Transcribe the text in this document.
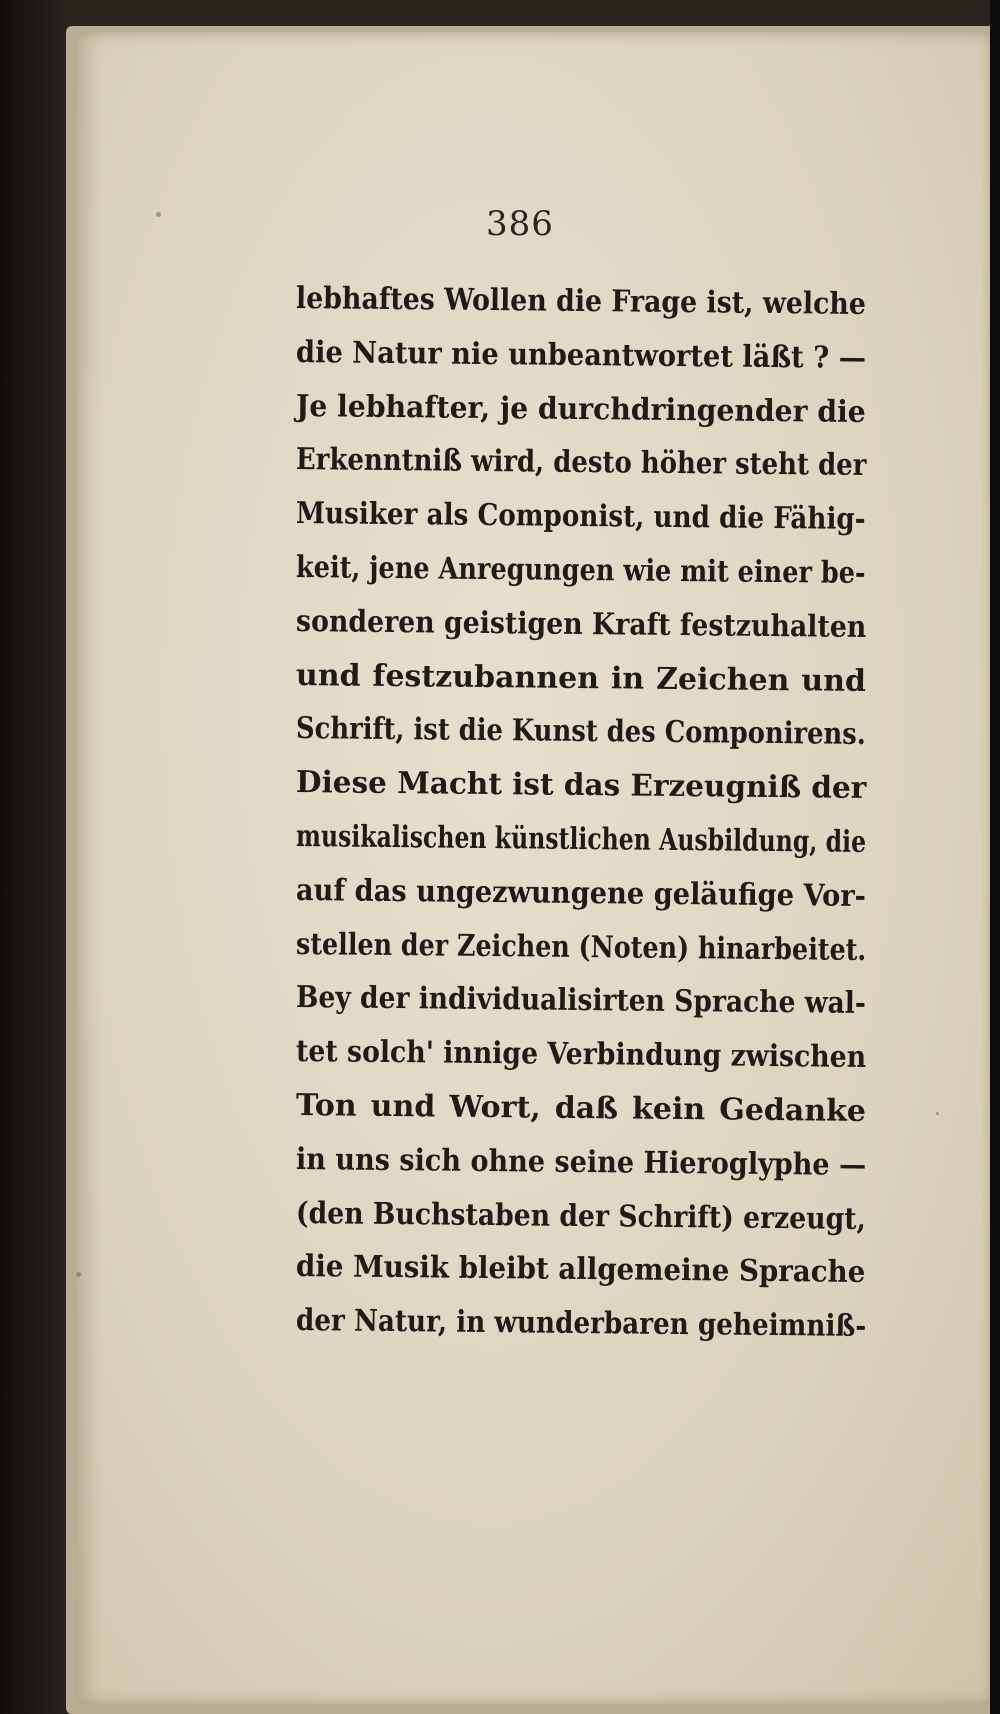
386
lebhaftes Wollen die Frage ist, welche
die Natur nie unbeantwortet läßt ? —
Je lebhafter, je durchdringender die
Erkenntniß wird, desto höher steht der
Musiker als Componist, und die Fähig-
keit, jene Anregungen wie mit einer be-
sonderen geistigen Kraft festzuhalten
und festzubannen in Zeichen und
Schrift, ist die Kunst des Componirens.
Diese Macht ist das Erzeugniß der
musikalischen künstlichen Ausbildung, die
auf das ungezwungene geläufige Vor-
stellen der Zeichen (Noten) hinarbeitet.
Bey der individualisirten Sprache wal-
tet solch' innige Verbindung zwischen
Ton und Wort, daß kein Gedanke
in uns sich ohne seine Hieroglyphe —
(den Buchstaben der Schrift) erzeugt,
die Musik bleibt allgemeine Sprache
der Natur, in wunderbaren geheimniß-
